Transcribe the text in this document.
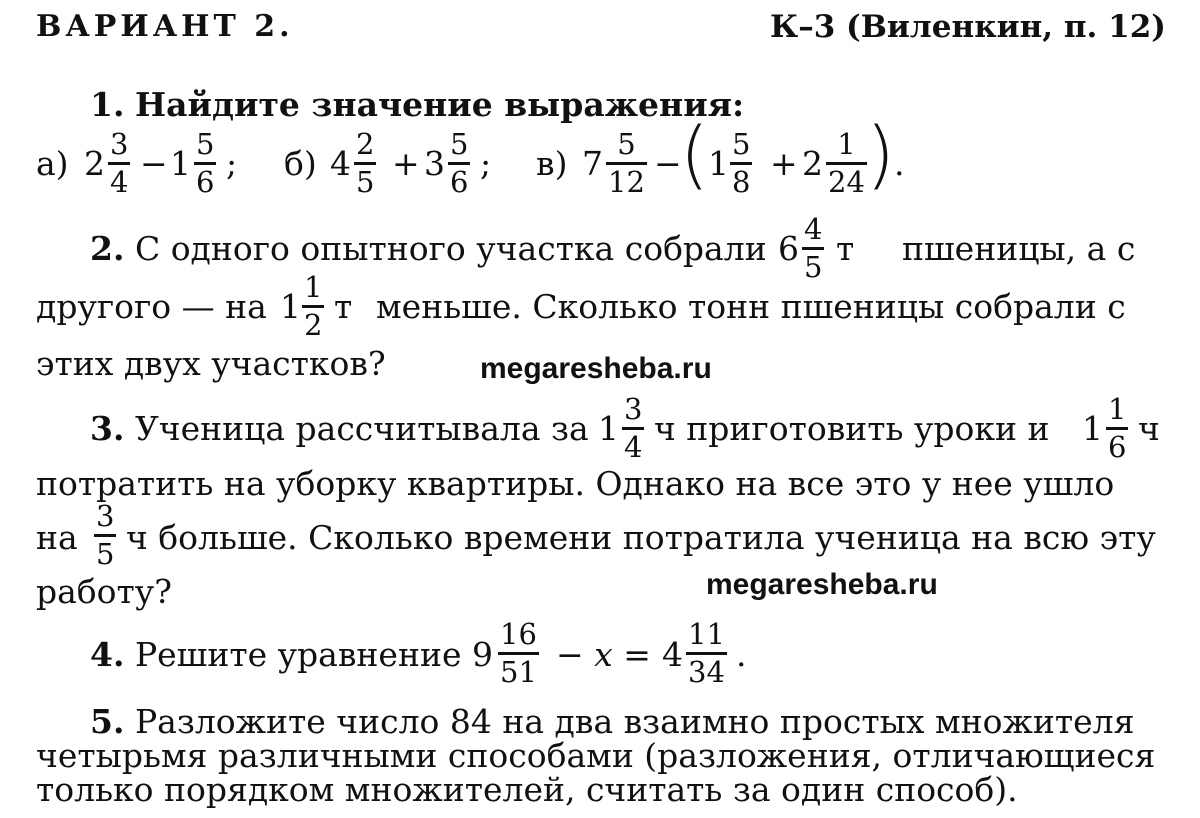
ВАРИАНТ 2.	К–3 (Виленкин, п. 12)
1. Найдите значение выражения:
а) 2 3
4 − 1 5
6 ; б) 4 2
5 + 3 5
6 ; в) 7 5
12 −
( 1 5
8 + 2 1
24 ) .
2. С одного опытного участка собрали 6 4
5 т пшеницы, а с
другого — на 1 1
2 т меньше. Сколько тонн пшеницы собрали с
этих двух участков?	megaresheba.ru
3. Ученица рассчитывала за 1 3
4 ч приготовить уроки и 1 1
6 ч
потратить на уборку квартиры. Однако на все это у нее ушло
на
3
5 ч больше. Сколько времени потратила ученица на всю эту
работу?	megaresheba.ru
4. Решите уравнение 9
16
51 − x = 4
11
34 .
5. Разложите число 84 на два взаимно простых множителя
четырьмя различными способами (разложения, отличающиеся
только порядком множителей, считать за один способ).
